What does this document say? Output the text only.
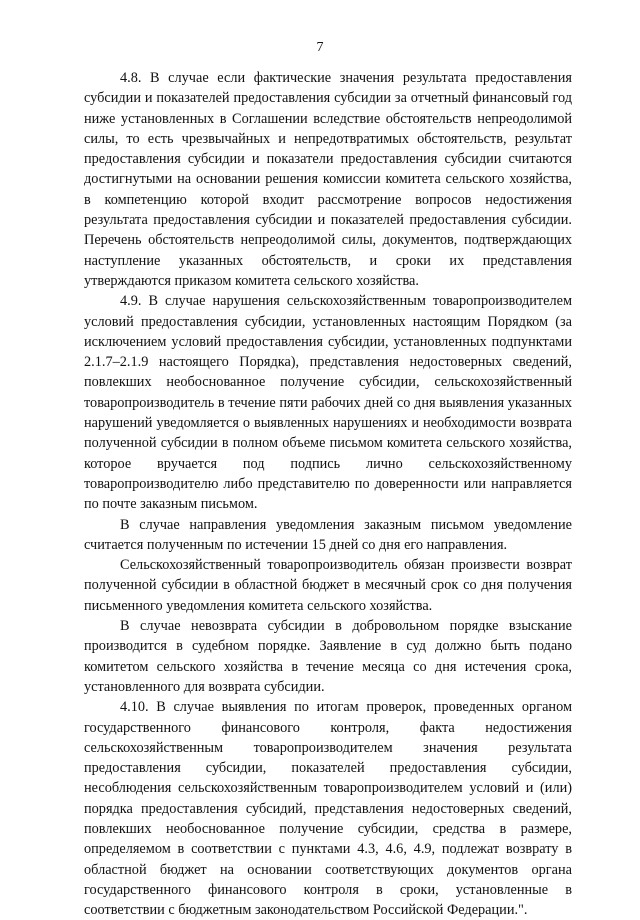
7

4.8. В случае если фактические значения результата предоставления субсидии и показателей предоставления субсидии за отчетный финансовый год ниже установленных в Соглашении вследствие обстоятельств непреодолимой силы, то есть чрезвычайных и непредотвратимых обстоятельств, результат предоставления субсидии и показатели предоставления субсидии считаются достигнутыми на основании решения комиссии комитета сельского хозяйства, в компетенцию которой входит рассмотрение вопросов недостижения результата предоставления субсидии и показателей предоставления субсидии. Перечень обстоятельств непреодолимой силы, документов, подтверждающих наступление указанных обстоятельств, и сроки их представления утверждаются приказом комитета сельского хозяйства.

4.9. В случае нарушения сельскохозяйственным товаропроизводителем условий предоставления субсидии, установленных настоящим Порядком (за исключением условий предоставления субсидии, установленных подпунктами 2.1.7–2.1.9 настоящего Порядка), представления недостоверных сведений, повлекших необоснованное получение субсидии, сельскохозяйственный товаропроизводитель в течение пяти рабочих дней со дня выявления указанных нарушений уведомляется о выявленных нарушениях и необходимости возврата полученной субсидии в полном объеме письмом комитета сельского хозяйства, которое вручается под подпись лично сельскохозяйственному товаропроизводителю либо представителю по доверенности или направляется по почте заказным письмом.

В случае направления уведомления заказным письмом уведомление считается полученным по истечении 15 дней со дня его направления.

Сельскохозяйственный товаропроизводитель обязан произвести возврат полученной субсидии в областной бюджет в месячный срок со дня получения письменного уведомления комитета сельского хозяйства.

В случае невозврата субсидии в добровольном порядке взыскание производится в судебном порядке. Заявление в суд должно быть подано комитетом сельского хозяйства в течение месяца со дня истечения срока, установленного для возврата субсидии.

4.10. В случае выявления по итогам проверок, проведенных органом государственного финансового контроля, факта недостижения сельскохозяйственным товаропроизводителем значения результата предоставления субсидии, показателей предоставления субсидии, несоблюдения сельскохозяйственным товаропроизводителем условий и (или) порядка предоставления субсидий, представления недостоверных сведений, повлекших необоснованное получение субсидии, средства в размере, определяемом в соответствии с пунктами 4.3, 4.6, 4.9, подлежат возврату в областной бюджет на основании соответствующих документов органа государственного финансового контроля в сроки, установленные в соответствии с бюджетным законодательством Российской Федерации.".
